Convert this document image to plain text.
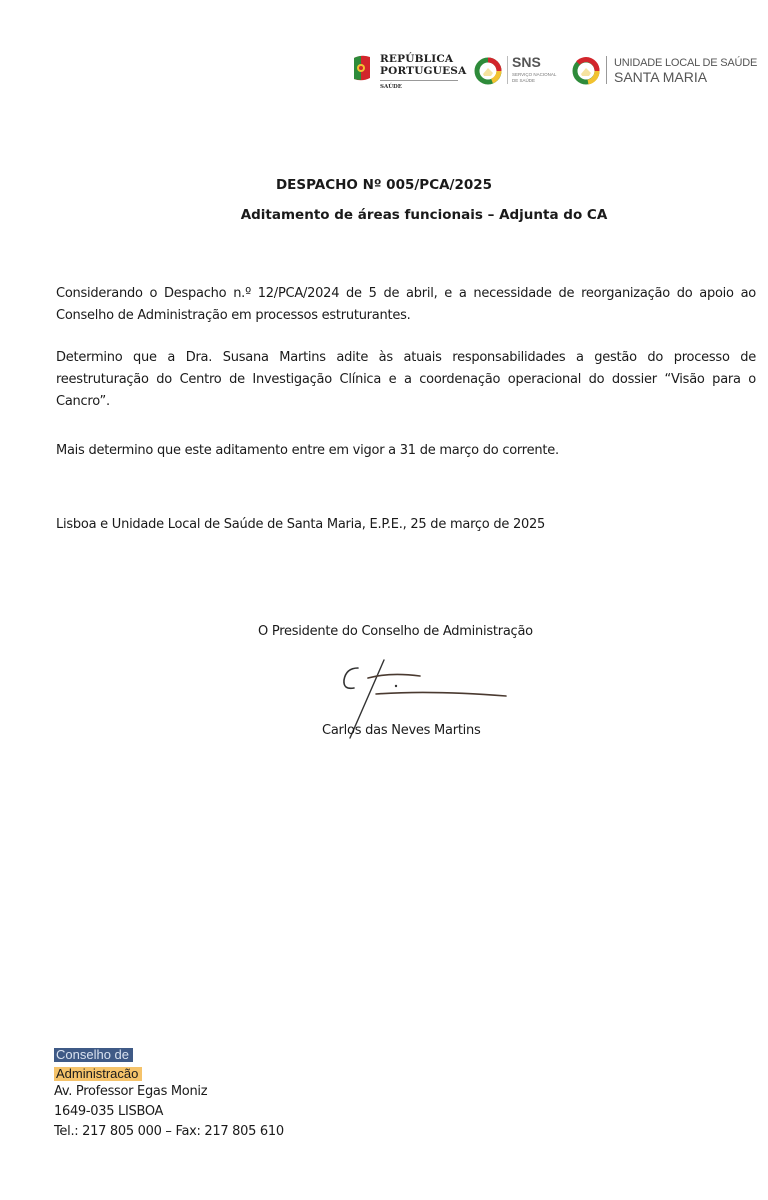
REPÚBLICA
PORTUGUESA
SAÚDE
SNS
SERVIÇO NACIONAL
DE SAÚDE
UNIDADE LOCAL DE SAÚDE
SANTA MARIA
DESPACHO Nº 005/PCA/2025
Aditamento de áreas funcionais – Adjunta do CA
Considerando o Despacho n.º 12/PCA/2024 de 5 de abril, e a necessidade de reorganização do apoio ao Conselho de Administração em processos estruturantes.
Determino que a Dra. Susana Martins adite às atuais responsabilidades a gestão do processo de reestruturação do Centro de Investigação Clínica e a coordenação operacional do dossier “Visão para o Cancro”.
Mais determino que este aditamento entre em vigor a 31 de março do corrente.
Lisboa e Unidade Local de Saúde de Santa Maria, E.P.E., 25 de março de 2025
O Presidente do Conselho de Administração
Carlos das Neves Martins
Conselho de
Administracão
Av. Professor Egas Moniz
1649-035 LISBOA
Tel.: 217 805 000 – Fax: 217 805 610
